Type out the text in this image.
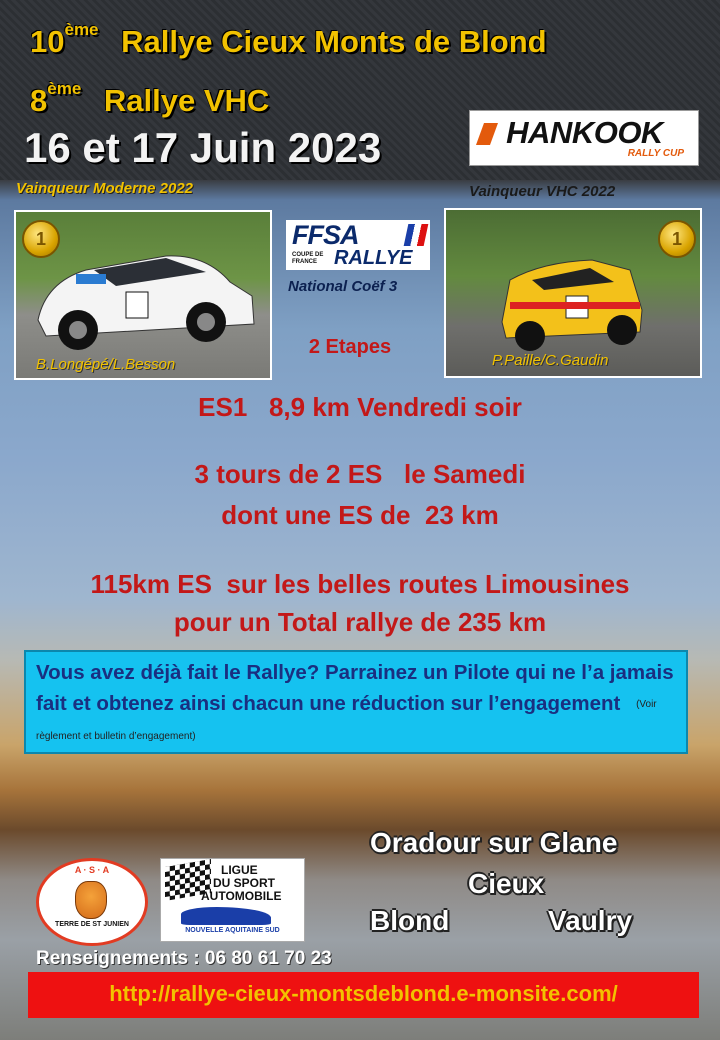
10ème Rallye Cieux Monts de Blond
8ème Rallye VHC
16 et 17 Juin 2023	HANKOOK
RALLY CUP
Vainqueur Moderne 2022	Vainqueur VHC 2022
1
B.Longépé/L.Besson
1
P.Paille/C.Gaudin
FFSA
COUPE DE FRANCE RALLYE
National Coëf 3
2 Etapes
ES1   8,9 km Vendredi soir
3 tours de 2 ES   le Samedi
dont une ES de  23 km
115km ES  sur les belles routes Limousines
pour un Total rallye de 235 km
Vous avez déjà fait le Rallye? Parrainez un Pilote qui ne l’a jamais fait et obtenez ainsi chacun une réduction sur l’engagement (Voir règlement et bulletin d’engagement)
A · S · A
TERRE DE ST JUNIEN
LIGUE
DU SPORT
AUTOMOBILE
NOUVELLE AQUITAINE SUD
Oradour sur Glane
Cieux
Blond	Vaulry
Renseignements : 06 80 61 70 23
http://rallye-cieux-montsdeblond.e-monsite.com/
